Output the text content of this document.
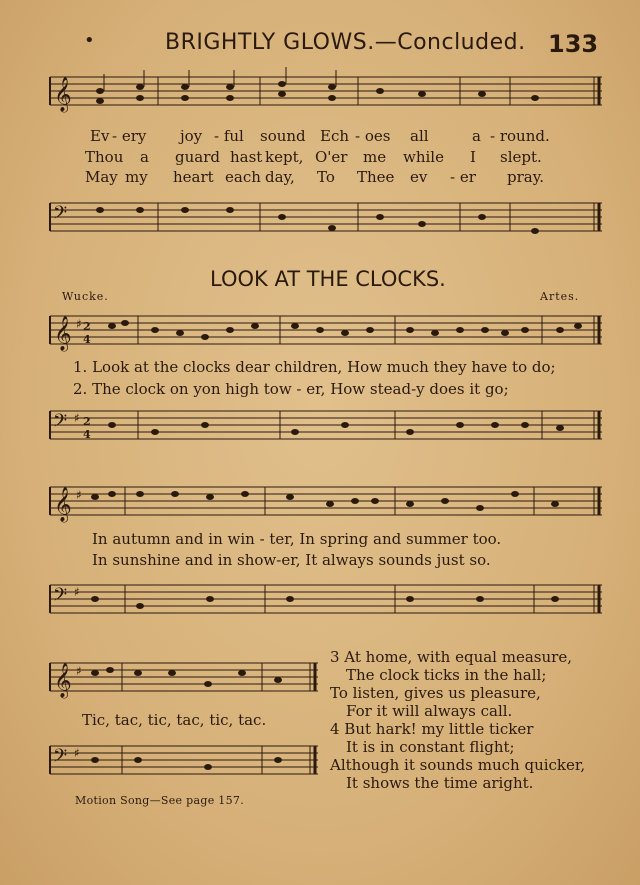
•	BRIGHTLY GLOWS.—Concluded. 133
𝄞
Ev - ery joy - ful sound Ech - oes all	a - round.
Thou a guard hast kept, O'er me while I slept.
May my heart each day, To Thee ev - er pray.
𝄢
LOOK AT THE CLOCKS.
Wucke.	Artes.
𝄞 ♯ 2
4
1. Look at the clocks dear children, How much they have to do;
2. The clock on yon high tow - er, How stead-y does it go;
𝄢 ♯ 2
4
𝄞 ♯
In autumn and in win - ter, In spring and summer too.
In sunshine and in show-er, It always sounds just so.
𝄢 ♯
𝄞 ♯
Tic, tac, tic, tac, tic, tac.
𝄢 ♯
3 At home, with equal measure,
The clock ticks in the hall;
To listen, gives us pleasure,
For it will always call.
4 But hark! my little ticker
It is in constant flight;
Although it sounds much quicker,
It shows the time aright.
Motion Song—See page 157.
